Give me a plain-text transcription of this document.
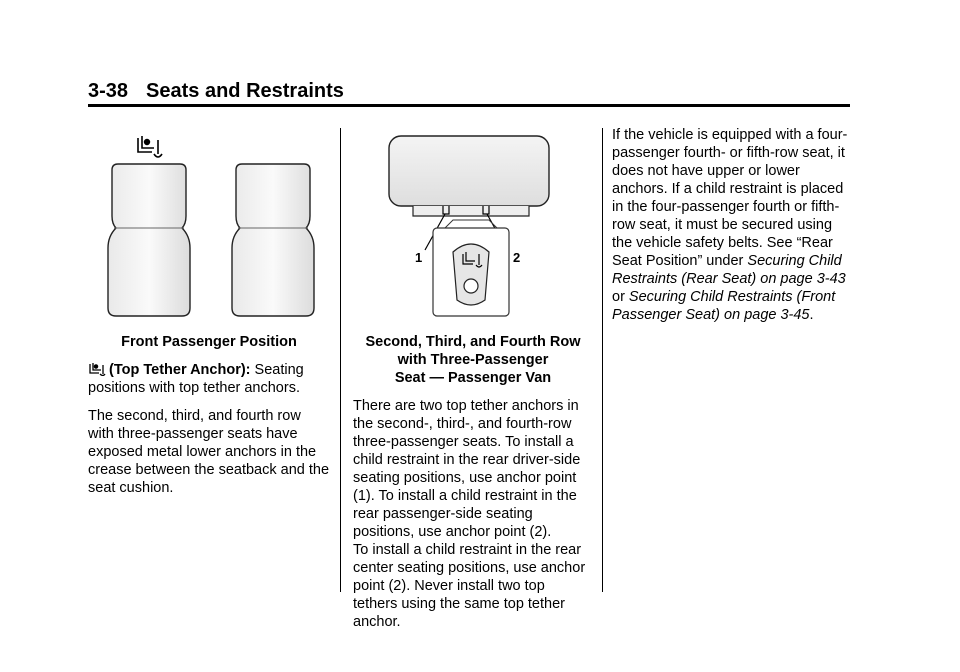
3-38 Seats and Restraints

Front Passenger Position

(Top Tether Anchor): Seating positions with top tether anchors.

The second, third, and fourth row with three-passenger seats have exposed metal lower anchors in the crease between the seatback and the seat cushion.

1	2

Second, Third, and Fourth Row

with Three-Passenger

Seat — Passenger Van

There are two top tether anchors in the second-, third-, and fourth-row three-passenger seats. To install a child restraint in the rear driver-side seating positions, use anchor point (1). To install a child restraint in the rear passenger-side seating positions, use anchor point (2).

To install a child restraint in the rear center seating positions, use anchor point (2). Never install two top tethers using the same top tether anchor.

If the vehicle is equipped with a four-passenger fourth- or fifth-row seat, it does not have upper or lower anchors. If a child restraint is placed in the four-passenger fourth or fifth-row seat, it must be secured using the vehicle safety belts. See “Rear Seat Position” under Securing Child Restraints (Rear Seat) on page 3-43 or Securing Child Restraints (Front Passenger Seat) on page 3-45.
